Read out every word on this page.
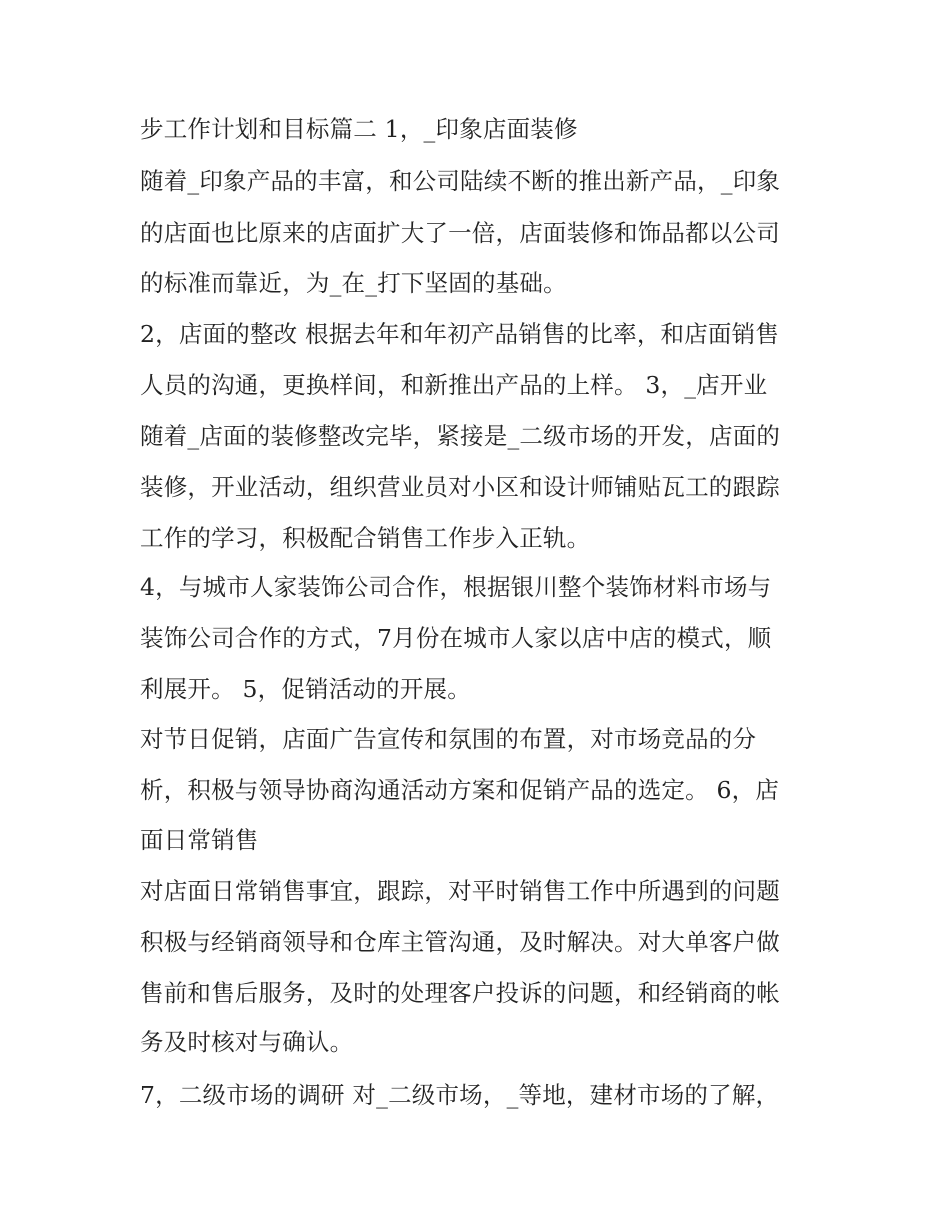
步工作计划和目标篇二 1，_印象店面装修
随着_印象产品的丰富，和公司陆续不断的推出新产品，_印象
的店面也比原来的店面扩大了一倍，店面装修和饰品都以公司
的标准而靠近，为_在_打下坚固的基础。
2，店面的整改 根据去年和年初产品销售的比率，和店面销售
人员的沟通，更换样间，和新推出产品的上样。 3，_店开业
随着_店面的装修整改完毕，紧接是_二级市场的开发，店面的
装修，开业活动，组织营业员对小区和设计师铺贴瓦工的跟踪
工作的学习，积极配合销售工作步入正轨。
4，与城市人家装饰公司合作，根据银川整个装饰材料市场与
装饰公司合作的方式，7月份在城市人家以店中店的模式，顺
利展开。 5，促销活动的开展。
对节日促销，店面广告宣传和氛围的布置，对市场竞品的分
析，积极与领导协商沟通活动方案和促销产品的选定。 6，店
面日常销售
对店面日常销售事宜，跟踪，对平时销售工作中所遇到的问题
积极与经销商领导和仓库主管沟通，及时解决。对大单客户做
售前和售后服务，及时的处理客户投诉的问题，和经销商的帐
务及时核对与确认。
7，二级市场的调研 对_二级市场，_等地，建材市场的了解，
